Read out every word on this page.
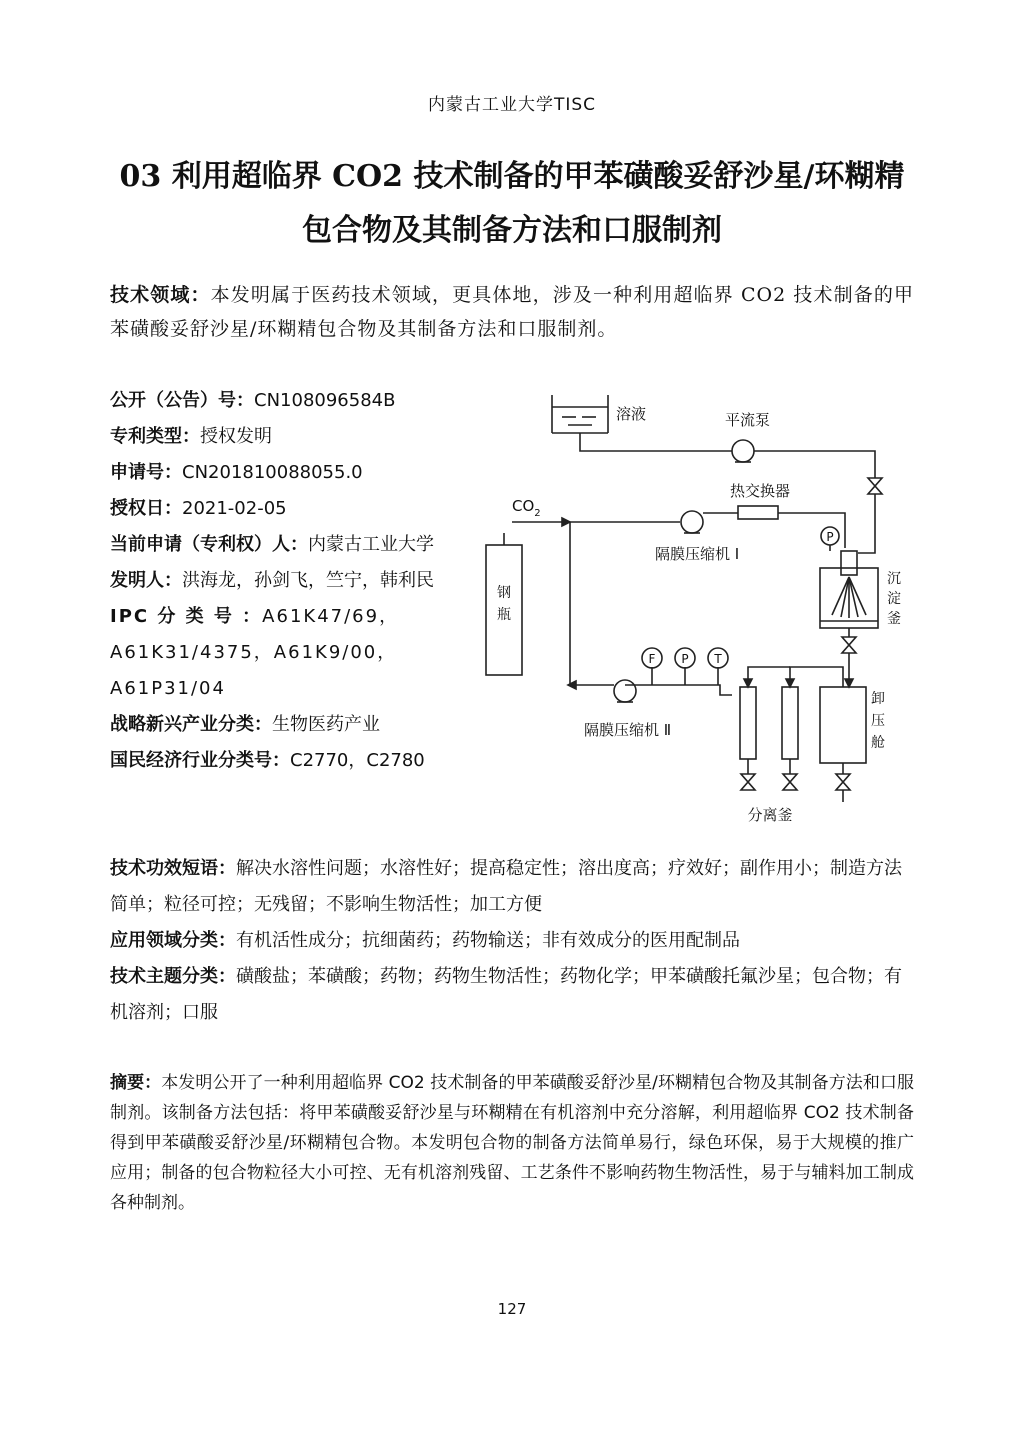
内蒙古工业大学TISC
03 利用超临界 CO2 技术制备的甲苯磺酸妥舒沙星/环糊精
包合物及其制备方法和口服制剂
技术领域：本发明属于医药技术领域，更具体地，涉及一种利用超临界 CO2 技术制备的甲苯磺酸妥舒沙星/环糊精包合物及其制备方法和口服制剂。

公开（公告）号：CN108096584B

专利类型：授权发明

申请号：CN201810088055.0

授权日：2021-02-05

当前申请（专利权）人：内蒙古工业大学

发明人：洪海龙，孙剑飞，竺宁，韩利民

IPC 分 类 号 ：A61K47/69，A61K31/4375，A61K9/00，A61P31/04

战略新兴产业分类：生物医药产业

国民经济行业分类号：C2770，C2780

溶液	平流泵
$CO_2$
钢
瓶
隔膜压缩机 Ⅰ
热交换器
P
沉
淀
釜
卸
压
舱
分离釜
隔膜压缩机 Ⅱ
F P T

技术功效短语：解决水溶性问题；水溶性好；提高稳定性；溶出度高；疗效好；副作用小；制造方法简单；粒径可控；无残留；不影响生物活性；加工方便

应用领域分类：有机活性成分；抗细菌药；药物输送；非有效成分的医用配制品

技术主题分类：磺酸盐；苯磺酸；药物；药物生物活性；药物化学；甲苯磺酸托氟沙星；包合物；有机溶剂；口服

摘要：本发明公开了一种利用超临界 CO2 技术制备的甲苯磺酸妥舒沙星/环糊精包合物及其制备方法和口服制剂。该制备方法包括：将甲苯磺酸妥舒沙星与环糊精在有机溶剂中充分溶解，利用超临界 CO2 技术制备得到甲苯磺酸妥舒沙星/环糊精包合物。本发明包合物的制备方法简单易行，绿色环保，易于大规模的推广应用；制备的包合物粒径大小可控、无有机溶剂残留、工艺条件不影响药物生物活性，易于与辅料加工制成各种制剂。
127
